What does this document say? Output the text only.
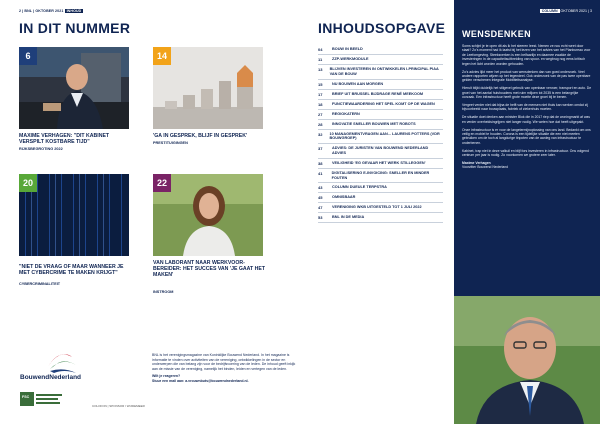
2 | BNL | OKTOBER 2021 INHOUD
IN DIT NUMMER	INHOUDSOPGAVE
6
MAXIME VERHAGEN: "DIT KABINET VERSPILT KOSTBARE TIJD"
RIJKSBEGROTING 2022
14
'GA IN GESPREK, BLIJF IN GESPREK'
PRESTITUIGINGEN
20
"NIET DE VRAAG OF MAAR WANNEER JE MET CYBERCRIME TE MAKEN KRIJGT"
CYBERCRIMINALITEIT
22
VAN LABORANT NAAR WERKVOOR-BEREIDER: HET SUCCES VAN 'JE GAAT HET MAKEN'
INSTROOM
04	BOUW IN BEELD
11	ZZP-WERKMODULE
13	BLIJVEN INVESTEREN IN ONTWIKKELEN I-PRINCIPAL PIAA VAN DE BOUW
15	NU BOUWEN AAN MORGEN
17	BRIEF UIT BRUSSEL BIJDRAGE RENÉ MEEKOOM
18	FUNCTIEWAARDERING HET SPEL KOMT OP DE WAGEN
27	REGIOKATERN
28	INNOVATIE SNELLER BOUWEN MET ROBOTS
32	10 MANAGEMENTVRAGEN AAN... LAURENS POTTERS (VDR BOUWGROEP)
37	ADVIES: DE JURISTEN VAN BOUWEND NEDERLAND ADVIES
38	VEILIGHEID 'EG GEVAAR HET WERK STILLEGGEN'
41	DIGITALISERING E-INVOICING: SNELLER EN MINDER FOUTEN
43	COLUMN DUEULE TERPSTRA
45	OMNISBAAR
47	VERENIGING WKB UITGESTELD TOT 1 JULI 2022
53	BNL IN DE MEDIA
BouwendNederland
FSC
COLOFON | SPONSOR / WIJDEMEER
BNL is het verenigingsmagazine van Koninklijke Bouwend Nederland. In het magazine is informatie te vinden over activiteiten van de vereniging, ontwikkelingen in de sector en onderwerpen die van belang zijn voor de bedrijfsvoering van de leden. De inhoud geeft inkijk aan de missie van de vereniging, namelijk het binden, leiden en vertegen van de leden.
Wilt je reageren?
Stuur een mail aan: a.vrouwnbuts@bouwendnederland.nl.
COLUMN OKTOBER 2021 | 3
WENSDENKEN

Soms schijnt je te open dit als ik het steeren leest. Nemen ze nou echt weet door staat? Zo's moment had ik laatst bij het lezen van het advies van het Planbureau voor de Leefomgeving. Steeksverken is een belfaarlijn en daarnee zwakke de investeringen in de capaciteitsuitbreiding van spoor- en wegbrug nog eens kritisch tegen het licht worden worden gehouden.

Zo's advies lijkt meer het product van wensdenken dan van goed onderzoek. Veel andere rapporten wijzen op het tegendeel. Ook onderzoek van de pas twee openbare gelden verschenen Integrale Mobiliteitsanalyse.

Hieruit blijkt duidelijk het stilgevel gebruik van openbaar vervoer, transport en auto. De groei van het aantal huishoudens met ruim miljoen tot 2035 is een belangrijke oorzaak. Een infrastructuur heeft grote moeite deze groei bij te benen.

Vergeet verder niet dat bijna de helft van de mensen niet thuis kan werken omdat zij bijvoorbeeld naar bouwplaats, fabriek of ziekenhuis moeten.

De situatie doet denken aan minister Blok die in 2017 riep dat de woningmarkt af was en verder overheidsingrijpen niet langer nodig. We weten hoe dat heeft uitgepakt.

Onze infrastructuur is er voor de langetermijnoplossing van ons land. Bedankt om ons veilig en mobiel te houden. Corona is een tijdelijke situatie die een niet meeten gebruiken om de toch al langdurige tinpoten van de aanleg van infrastructuur te onderbenen.

Kabinet, trap niet in deze valkuil en blijf fors investeren in infrastructuur. Ons volgend centrum per jaar is nodig. Zo voorkomen we grotere zeer later.

Maxime Verhagen
Voorzitter Bouwend Nederland
